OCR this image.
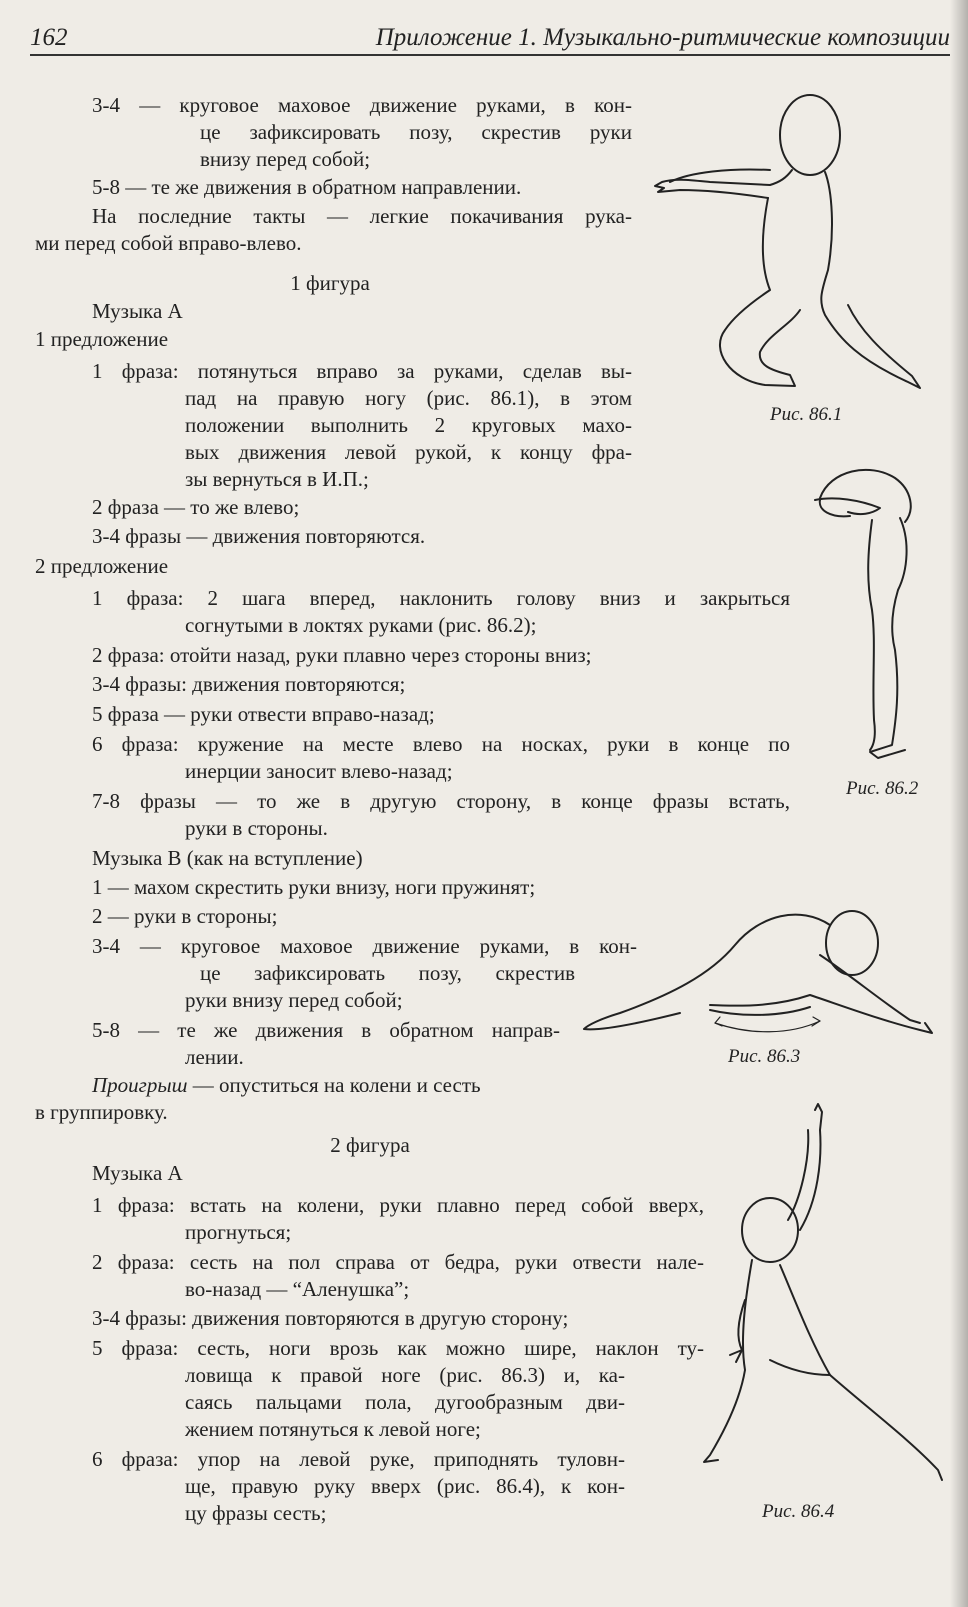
162	Приложение 1. Музыкально-ритмические композиции
3-4 — круговое маховое движение руками, в кон-
це зафиксировать позу, скрестив руки
внизу перед собой;
5-8 — те же движения в обратном направлении.
На последние такты — легкие покачивания рука-
ми перед собой вправо-влево.
1 фигура
Музыка А
1 предложение
1 фраза: потянуться вправо за руками, сделав вы-
пад на правую ногу (рис. 86.1), в этом
положении выполнить 2 круговых махо-
вых движения левой рукой, к концу фра-
зы вернуться в И.П.;
2 фраза — то же влево;
3-4 фразы — движения повторяются.
2 предложение
1 фраза: 2 шага вперед, наклонить голову вниз и закрыться
согнутыми в локтях руками (рис. 86.2);
2 фраза: отойти назад, руки плавно через стороны вниз;
3-4 фразы: движения повторяются;
5 фраза — руки отвести вправо-назад;
6 фраза: кружение на месте влево на носках, руки в конце по
инерции заносит влево-назад;
7-8 фразы — то же в другую сторону, в конце фразы встать,
руки в стороны.
Музыка В (как на вступление)
1 — махом скрестить руки внизу, ноги пружинят;
2 — руки в стороны;
3-4 — круговое маховое движение руками, в кон-
це зафиксировать позу, скрестив
руки внизу перед собой;
5-8 — те же движения в обратном направ-
лении.
Проигрыш — опуститься на колени и сесть
в группировку.
2 фигура
Музыка А
1 фраза: встать на колени, руки плавно перед собой вверх,
прогнуться;
2 фраза: сесть на пол справа от бедра, руки отвести нале-
во-назад — “Аленушка”;
3-4 фразы: движения повторяются в другую сторону;
5 фраза: сесть, ноги врозь как можно шире, наклон ту-
ловища к правой ноге (рис. 86.3) и, ка-
саясь пальцами пола, дугообразным дви-
жением потянуться к левой ноге;
6 фраза: упор на левой руке, приподнять туловн-
ще, правую руку вверх (рис. 86.4), к кон-
цу фразы сесть;
Рис. 86.1
Рис. 86.2
Рис. 86.3
Рис. 86.4
